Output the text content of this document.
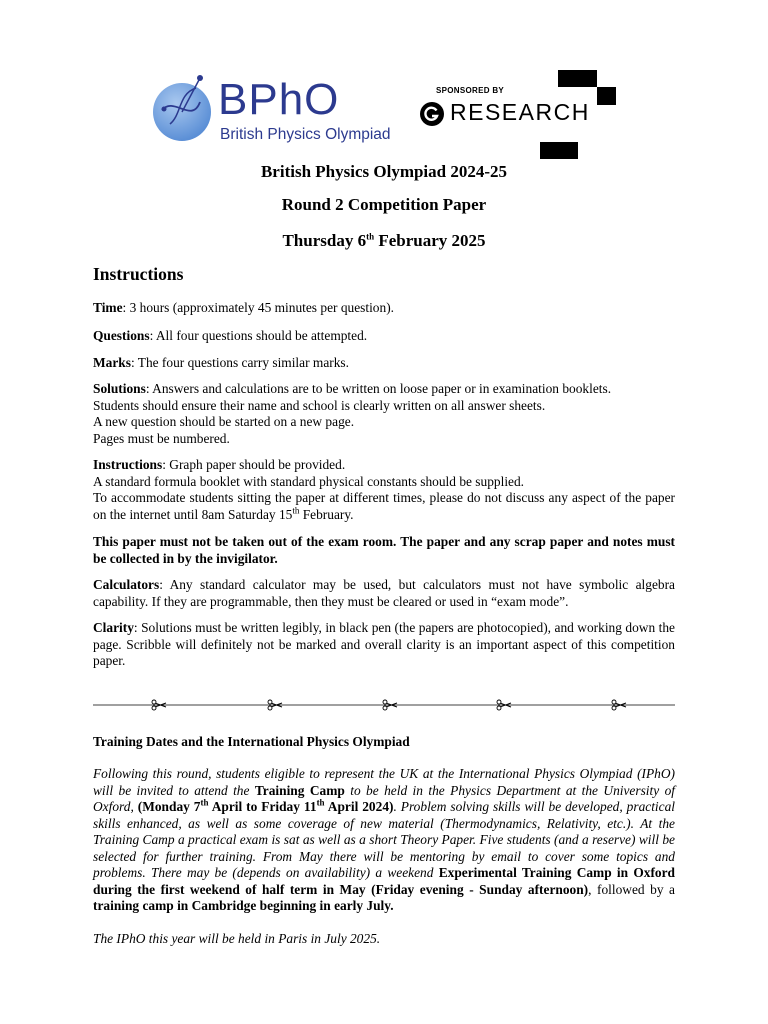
BPhO
British Physics Olympiad
SPONSORED BY
RESEARCH
British Physics Olympiad 2024-25
Round 2 Competition Paper
Thursday 6th February 2025
Instructions
Time: 3 hours (approximately 45 minutes per question).
Questions: All four questions should be attempted.
Marks: The four questions carry similar marks.
Solutions: Answers and calculations are to be written on loose paper or in examination booklets.
Students should ensure their name and school is clearly written on all answer sheets.
A new question should be started on a new page.
Pages must be numbered.
Instructions: Graph paper should be provided.
A standard formula booklet with standard physical constants should be supplied.
To accommodate students sitting the paper at different times, please do not discuss any aspect of the paper on the internet until 8am Saturday 15th February.
This paper must not be taken out of the exam room. The paper and any scrap paper and notes must be collected in by the invigilator.
Calculators: Any standard calculator may be used, but calculators must not have symbolic algebra capability. If they are programmable, then they must be cleared or used in “exam mode”.
Clarity: Solutions must be written legibly, in black pen (the papers are photocopied), and working down the page. Scribble will definitely not be marked and overall clarity is an important aspect of this competition paper.
Training Dates and the International Physics Olympiad
Following this round, students eligible to represent the UK at the International Physics Olympiad (IPhO) will be invited to attend the Training Camp to be held in the Physics Department at the University of Oxford, (Monday 7th April to Friday 11th April 2024). Problem solving skills will be developed, practical skills enhanced, as well as some coverage of new material (Thermodynamics, Relativity, etc.). At the Training Camp a practical exam is sat as well as a short Theory Paper. Five students (and a reserve) will be selected for further training. From May there will be mentoring by email to cover some topics and problems. There may be (depends on availability) a weekend Experimental Training Camp in Oxford during the first weekend of half term in May (Friday evening - Sunday afternoon), followed by a training camp in Cambridge beginning in early July.
The IPhO this year will be held in Paris in July 2025.
